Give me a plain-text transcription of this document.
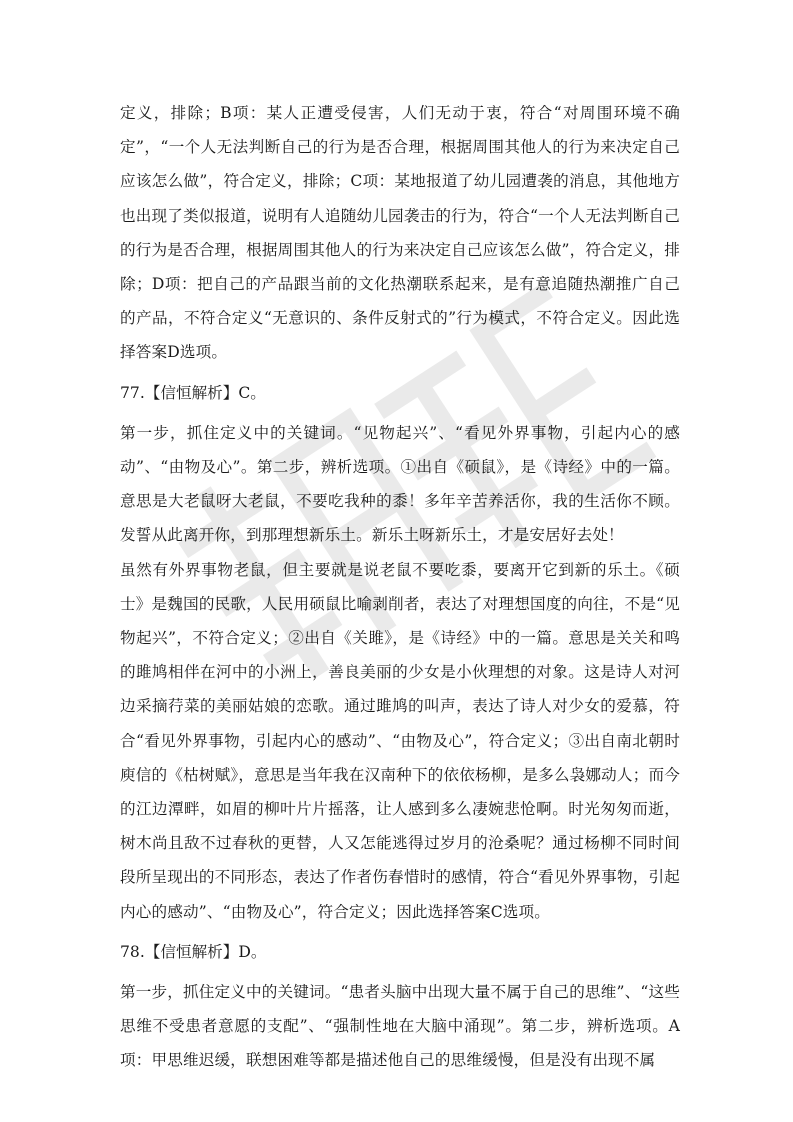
定义，排除；B项：某人正遭受侵害，人们无动于衷，符合“对周围环境不确定”，“一个人无法判断自己的行为是否合理，根据周围其他人的行为来决定自己应该怎么做”，符合定义，排除；C项：某地报道了幼儿园遭袭的消息，其他地方也出现了类似报道，说明有人追随幼儿园袭击的行为，符合“一个人无法判断自己的行为是否合理，根据周围其他人的行为来决定自己应该怎么做”，符合定义，排除；D项：把自己的产品跟当前的文化热潮联系起来，是有意追随热潮推广自己的产品，不符合定义“无意识的、条件反射式的”行为模式，不符合定义。因此选择答案D选项。

77.【信恒解析】C。

第一步，抓住定义中的关键词。“见物起兴”、“看见外界事物，引起内心的感动”、“由物及心”。第二步，辨析选项。①出自《硕鼠》，是《诗经》中的一篇。意思是大老鼠呀大老鼠，不要吃我种的黍！多年辛苦养活你，我的生活你不顾。发誓从此离开你，到那理想新乐土。新乐土呀新乐土，才是安居好去处！

虽然有外界事物老鼠，但主要就是说老鼠不要吃黍，要离开它到新的乐土。《硕士》是魏国的民歌，人民用硕鼠比喻剥削者，表达了对理想国度的向往，不是“见物起兴”，不符合定义；②出自《关雎》，是《诗经》中的一篇。意思是关关和鸣的雎鸠相伴在河中的小洲上，善良美丽的少女是小伙理想的对象。这是诗人对河边采摘荇菜的美丽姑娘的恋歌。通过雎鸠的叫声，表达了诗人对少女的爱慕，符合“看见外界事物，引起内心的感动”、“由物及心”，符合定义；③出自南北朝时庾信的《枯树赋》，意思是当年我在汉南种下的依依杨柳，是多么袅娜动人；而今的江边潭畔，如眉的柳叶片片摇落，让人感到多么凄婉悲怆啊。时光匆匆而逝，树木尚且敌不过春秋的更替，人又怎能逃得过岁月的沧桑呢？通过杨柳不同时间段所呈现出的不同形态，表达了作者伤春惜时的感情，符合“看见外界事物，引起内心的感动”、“由物及心”，符合定义；因此选择答案C选项。

78.【信恒解析】D。

第一步，抓住定义中的关键词。“患者头脑中出现大量不属于自己的思维”、“这些思维不受患者意愿的支配”、“强制性地在大脑中涌现”。第二步，辨析选项。A项：甲思维迟缓，联想困难等都是描述他自己的思维缓慢，但是没有出现不属
